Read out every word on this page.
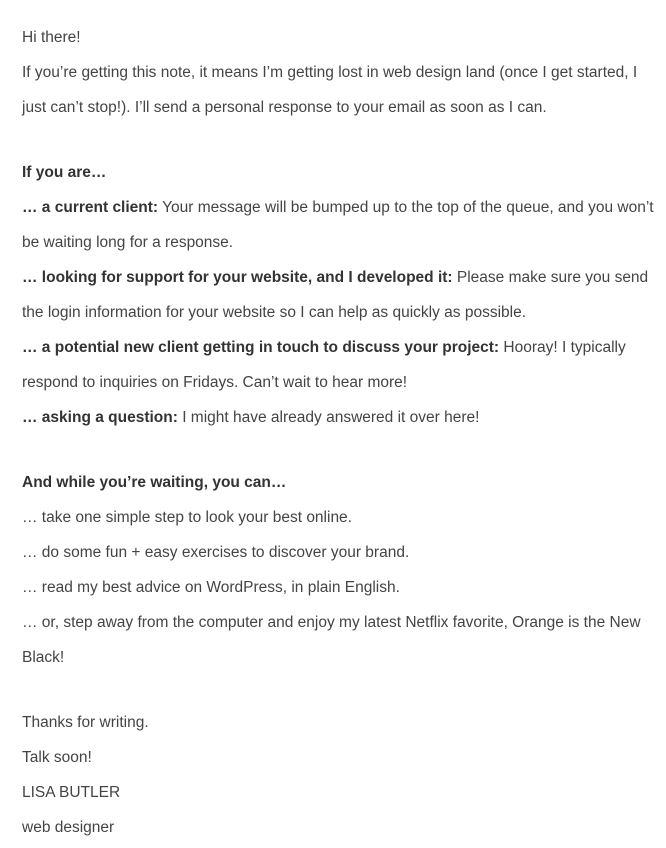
Hi there!

If you’re getting this note, it means I’m getting lost in web design land (once I get started, I just can’t stop!). I’ll send a personal response to your email as soon as I can.

If you are…

… a current client: Your message will be bumped up to the top of the queue, and you won’t be waiting long for a response.

… looking for support for your website, and I developed it: Please make sure you send the login information for your website so I can help as quickly as possible.

… a potential new client getting in touch to discuss your project: Hooray! I typically respond to inquiries on Fridays. Can’t wait to hear more!

… asking a question: I might have already answered it over here!

And while you’re waiting, you can…

… take one simple step to look your best online.

… do some fun + easy exercises to discover your brand.

… read my best advice on WordPress, in plain English.

… or, step away from the computer and enjoy my latest Netflix favorite, Orange is the New Black!

Thanks for writing.

Talk soon!

LISA BUTLER

web designer
